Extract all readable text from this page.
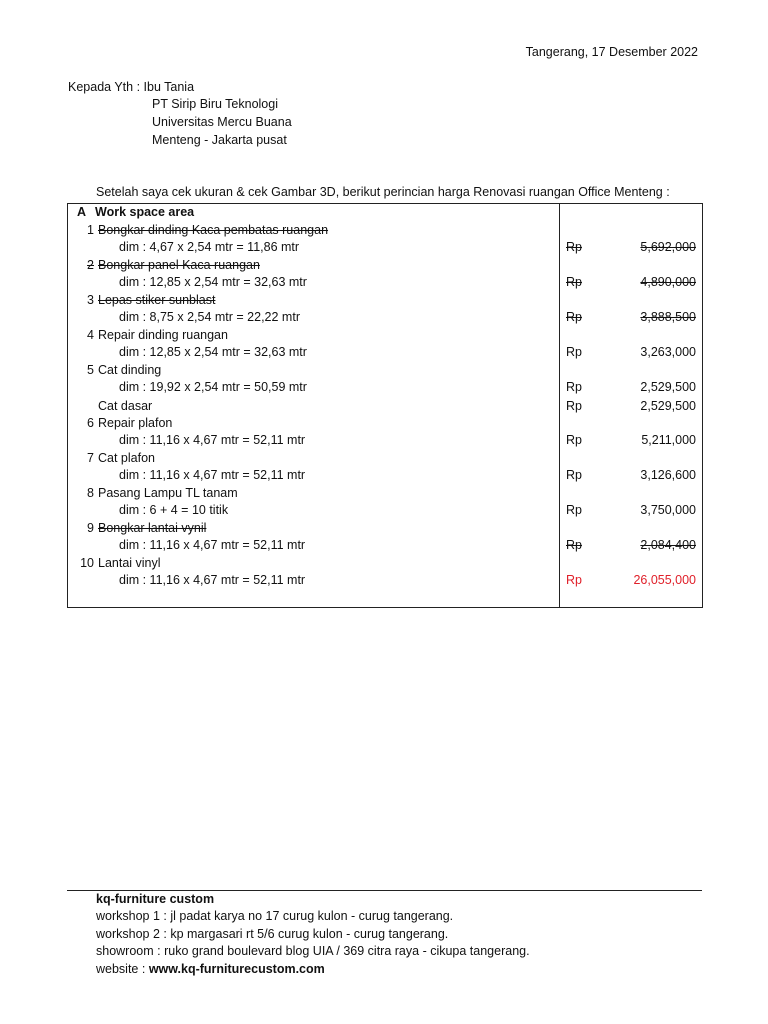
Tangerang, 17 Desember 2022
Kepada Yth : Ibu Tania
PT Sirip Biru Teknologi
Universitas Mercu Buana
Menteng - Jakarta pusat
Setelah saya cek ukuran & cek Gambar 3D, berikut perincian harga Renovasi ruangan Office Menteng :
A Work space area
1 Bongkar dinding Kaca pembatas ruangan
dim : 4,67 x 2,54 mtr = 11,86 mtr	Rp	5,692,000
2 Bongkar panel Kaca ruangan
dim : 12,85 x 2,54 mtr = 32,63 mtr	Rp	4,890,000
3 Lepas stiker sunblast
dim : 8,75 x 2,54 mtr = 22,22 mtr	Rp	3,888,500
4 Repair dinding ruangan
dim : 12,85 x 2,54 mtr = 32,63 mtr	Rp	3,263,000
5 Cat dinding
dim : 19,92 x 2,54 mtr = 50,59 mtr	Rp	2,529,500
Cat dasar	Rp	2,529,500
6 Repair plafon
dim : 11,16 x 4,67 mtr = 52,11 mtr	Rp	5,211,000
7 Cat plafon
dim : 11,16 x 4,67 mtr = 52,11 mtr	Rp	3,126,600
8 Pasang Lampu TL tanam
dim : 6 + 4 = 10 titik	Rp	3,750,000
9 Bongkar lantai vynil
dim : 11,16 x 4,67 mtr = 52,11 mtr	Rp	2,084,400
10 Lantai vinyl
dim : 11,16 x 4,67 mtr = 52,11 mtr	Rp	26,055,000
kq-furniture custom
workshop 1 : jl padat karya no 17 curug kulon - curug tangerang.
workshop 2 : kp margasari rt 5/6 curug kulon - curug tangerang.
showroom : ruko grand boulevard blog UIA / 369 citra raya - cikupa tangerang.
website : www.kq-furniturecustom.com
